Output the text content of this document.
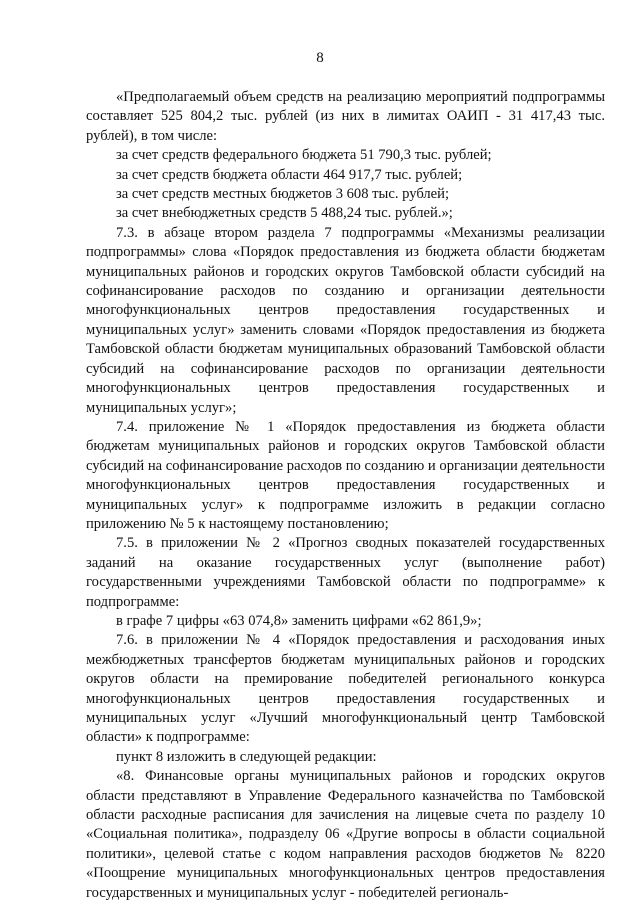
8

«Предполагаемый объем средств на реализацию мероприятий подпрограммы составляет 525 804,2 тыс. рублей (из них в лимитах ОАИП - 31 417,43 тыс. рублей), в том числе:

за счет средств федерального бюджета 51 790,3 тыс. рублей;

за счет средств бюджета области 464 917,7 тыс. рублей;

за счет средств местных бюджетов 3 608 тыс. рублей;

за счет внебюджетных средств 5 488,24 тыс. рублей.»;

7.3. в абзаце втором раздела 7 подпрограммы «Механизмы реализации подпрограммы» слова «Порядок предоставления из бюджета области бюджетам муниципальных районов и городских округов Тамбовской области субсидий на софинансирование расходов по созданию и организации деятельности многофункциональных центров предоставления государственных и муниципальных услуг» заменить словами «Порядок предоставления из бюджета Тамбовской области бюджетам муниципальных образований Тамбовской области субсидий на софинансирование расходов по организации деятельности многофункциональных центров предоставления государственных и муниципальных услуг»;

7.4. приложение № 1 «Порядок предоставления из бюджета области бюджетам муниципальных районов и городских округов Тамбовской области субсидий на софинансирование расходов по созданию и организации деятельности многофункциональных центров предоставления государственных и муниципальных услуг» к подпрограмме изложить в редакции согласно приложению № 5 к настоящему постановлению;

7.5. в приложении № 2 «Прогноз сводных показателей государственных заданий на оказание государственных услуг (выполнение работ) государственными учреждениями Тамбовской области по подпрограмме» к подпрограмме:

в графе 7 цифры «63 074,8» заменить цифрами «62 861,9»;

7.6. в приложении № 4 «Порядок предоставления и расходования иных межбюджетных трансфертов бюджетам муниципальных районов и городских округов области на премирование победителей регионального конкурса многофункциональных центров предоставления государственных и муниципальных услуг «Лучший многофункциональный центр Тамбовской области» к подпрограмме:

пункт 8 изложить в следующей редакции:

«8. Финансовые органы муниципальных районов и городских округов области представляют в Управление Федерального казначейства по Тамбовской области расходные расписания для зачисления на лицевые счета по разделу 10 «Социальная политика», подразделу 06 «Другие вопросы в области социальной политики», целевой статье с кодом направления расходов бюджетов № 8220 «Поощрение муниципальных многофункциональных центров предоставления государственных и муниципальных услуг - победителей региональ-
